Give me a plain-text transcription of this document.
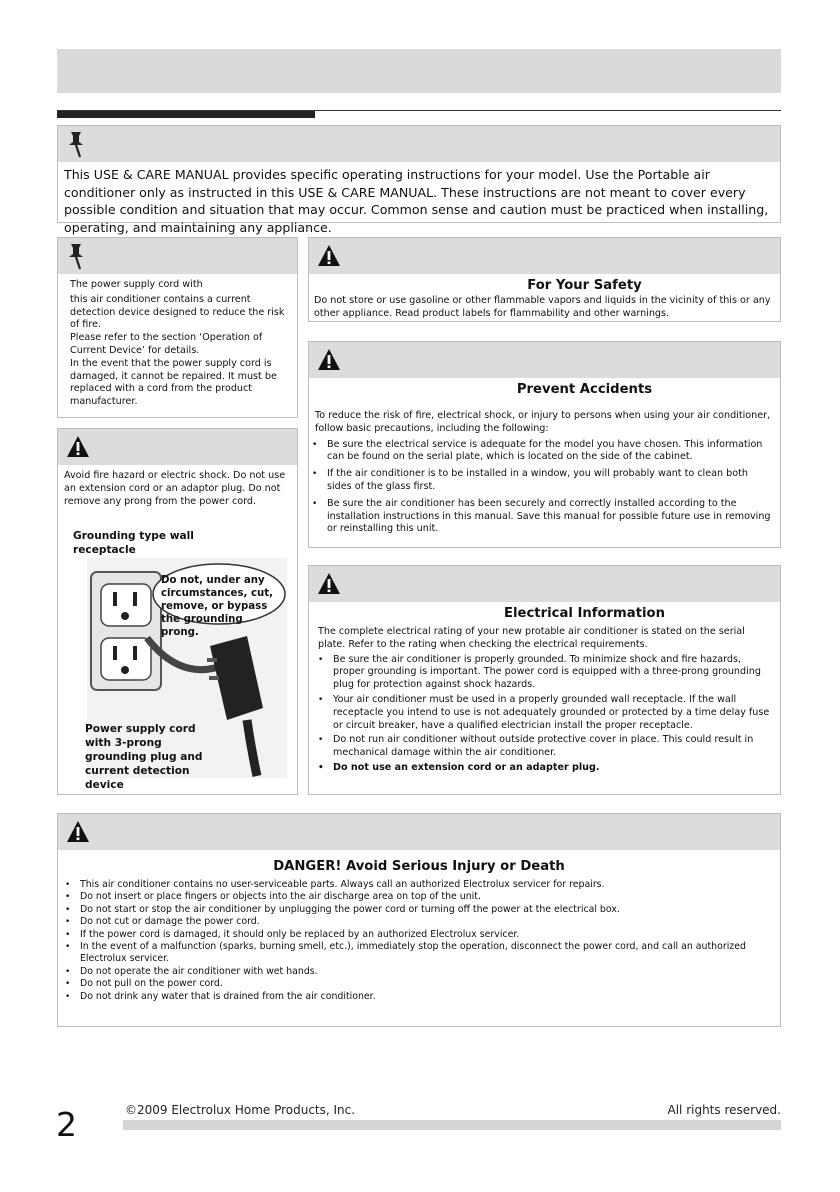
This USE & CARE MANUAL provides specific operating instructions for your model. Use the Portable air conditioner only as instructed in this USE & CARE MANUAL. These instructions are not meant to cover every possible condition and situation that may occur. Common sense and caution must be practiced when installing, operating, and maintaining any appliance.
The power supply cord with
this air conditioner contains a current detection device designed to reduce the risk of fire.
Please refer to the section ‘Operation of Current Device’ for details.
In the event that the power supply cord is damaged, it cannot be repaired. It must be replaced with a cord from the product manufacturer.
Avoid fire hazard or electric shock. Do not use an extension cord or an adaptor plug. Do not remove any prong from the power cord.
Grounding type wall receptacle
Do not, under any circumstances, cut, remove, or bypass the grounding prong.
Power supply cord with 3-prong grounding plug and current detection device
For Your Safety
Do not store or use gasoline or other flammable vapors and liquids in the vicinity of this or any other appliance. Read product labels for flammability and other warnings.
Prevent Accidents
To reduce the risk of fire, electrical shock, or injury to persons when using your air conditioner, follow basic precautions, including the following:
• Be sure the electrical service is adequate for the model you have chosen. This information can be found on the serial plate, which is located on the side of the cabinet.
• If the air conditioner is to be installed in a window, you will probably want to clean both sides of the glass first.
• Be sure the air conditioner has been securely and correctly installed according to the installation instructions in this manual. Save this manual for possible future use in removing or reinstalling this unit.
Electrical Information
The complete electrical rating of your new protable air conditioner is stated on the serial plate. Refer to the rating when checking the electrical requirements.
• Be sure the air conditioner is properly grounded. To minimize shock and fire hazards, proper grounding is important. The power cord is equipped with a three-prong grounding plug for protection against shock hazards.
• Your air conditioner must be used in a properly grounded wall receptacle. If the wall receptacle you intend to use is not adequately grounded or protected by a time delay fuse or circuit breaker, have a qualified electrician install the proper receptacle.
• Do not run air conditioner without outside protective cover in place. This could result in mechanical damage within the air conditioner.
• Do not use an extension cord or an adapter plug.
DANGER! Avoid Serious Injury or Death
• This air conditioner contains no user-serviceable parts. Always call an authorized Electrolux servicer for repairs.
• Do not insert or place fingers or objects into the air discharge area on top of the unit.
• Do not start or stop the air conditioner by unplugging the power cord or turning off the power at the electrical box.
• Do not cut or damage the power cord.
• If the power cord is damaged, it should only be replaced by an authorized Electrolux servicer.
• In the event of a malfunction (sparks, burning smell, etc.), immediately stop the operation, disconnect the power cord, and call an authorized Electrolux servicer.
• Do not operate the air conditioner with wet hands.
• Do not pull on the power cord.
• Do not drink any water that is drained from the air conditioner.
2	©2009 Electrolux Home Products, Inc.	All rights reserved.
